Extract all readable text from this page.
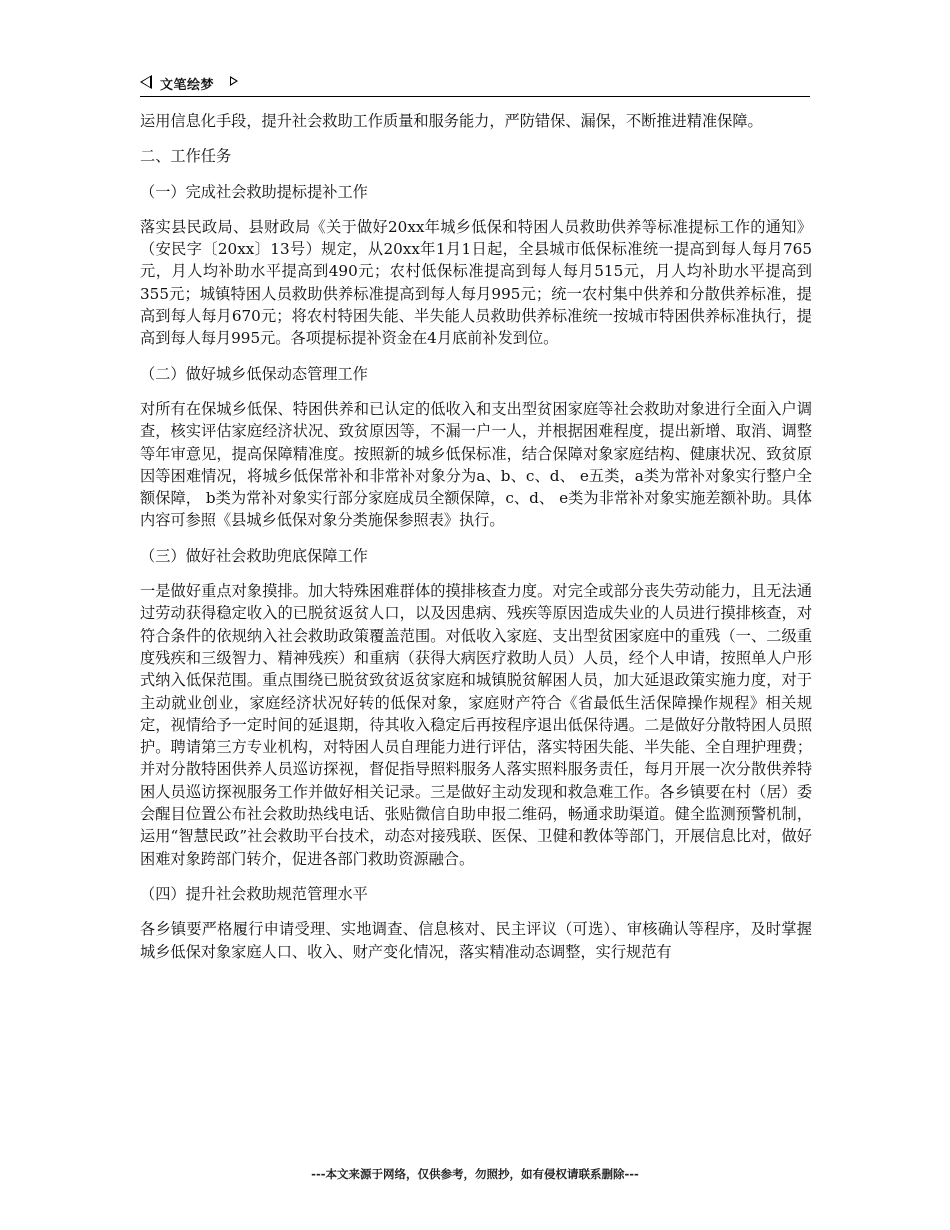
文笔绘梦

运用信息化手段，提升社会救助工作质量和服务能力，严防错保、漏保，不断推进精准保障。

二、工作任务

（一）完成社会救助提标提补工作

落实县民政局、县财政局《关于做好20xx年城乡低保和特困人员救助供养等标准提标工作的通知》（安民字〔20xx〕13号）规定，从20xx年1月1日起，全县城市低保标准统一提高到每人每月765元，月人均补助水平提高到490元；农村低保标准提高到每人每月515元，月人均补助水平提高到355元；城镇特困人员救助供养标准提高到每人每月995元；统一农村集中供养和分散供养标准，提高到每人每月670元；将农村特困失能、半失能人员救助供养标准统一按城市特困供养标准执行，提高到每人每月995元。各项提标提补资金在4月底前补发到位。

（二）做好城乡低保动态管理工作

对所有在保城乡低保、特困供养和已认定的低收入和支出型贫困家庭等社会救助对象进行全面入户调查，核实评估家庭经济状况、致贫原因等，不漏一户一人，并根据困难程度，提出新增、取消、调整等年审意见，提高保障精准度。按照新的城乡低保标准，结合保障对象家庭结构、健康状况、致贫原因等困难情况，将城乡低保常补和非常补对象分为a、b、c、d、 e五类，a类为常补对象实行整户全额保障， b类为常补对象实行部分家庭成员全额保障，c、d、 e类为非常补对象实施差额补助。具体内容可参照《县城乡低保对象分类施保参照表》执行。

（三）做好社会救助兜底保障工作

一是做好重点对象摸排。加大特殊困难群体的摸排核查力度。对完全或部分丧失劳动能力，且无法通过劳动获得稳定收入的已脱贫返贫人口，以及因患病、残疾等原因造成失业的人员进行摸排核查，对符合条件的依规纳入社会救助政策覆盖范围。对低收入家庭、支出型贫困家庭中的重残（一、二级重度残疾和三级智力、精神残疾）和重病（获得大病医疗救助人员）人员，经个人申请，按照单人户形式纳入低保范围。重点围绕已脱贫致贫返贫家庭和城镇脱贫解困人员，加大延退政策实施力度，对于主动就业创业，家庭经济状况好转的低保对象，家庭财产符合《省最低生活保障操作规程》相关规定，视情给予一定时间的延退期，待其收入稳定后再按程序退出低保待遇。二是做好分散特困人员照护。聘请第三方专业机构，对特困人员自理能力进行评估，落实特困失能、半失能、全自理护理费；并对分散特困供养人员巡访探视，督促指导照料服务人落实照料服务责任，每月开展一次分散供养特困人员巡访探视服务工作并做好相关记录。三是做好主动发现和救急难工作。各乡镇要在村（居）委会醒目位置公布社会救助热线电话、张贴微信自助申报二维码，畅通求助渠道。健全监测预警机制，运用“智慧民政”社会救助平台技术，动态对接残联、医保、卫健和教体等部门，开展信息比对，做好困难对象跨部门转介，促进各部门救助资源融合。

（四）提升社会救助规范管理水平

各乡镇要严格履行申请受理、实地调查、信息核对、民主评议（可选）、审核确认等程序，及时掌握城乡低保对象家庭人口、收入、财产变化情况，落实精准动态调整，实行规范有

---本文来源于网络，仅供参考，勿照抄，如有侵权请联系删除---
